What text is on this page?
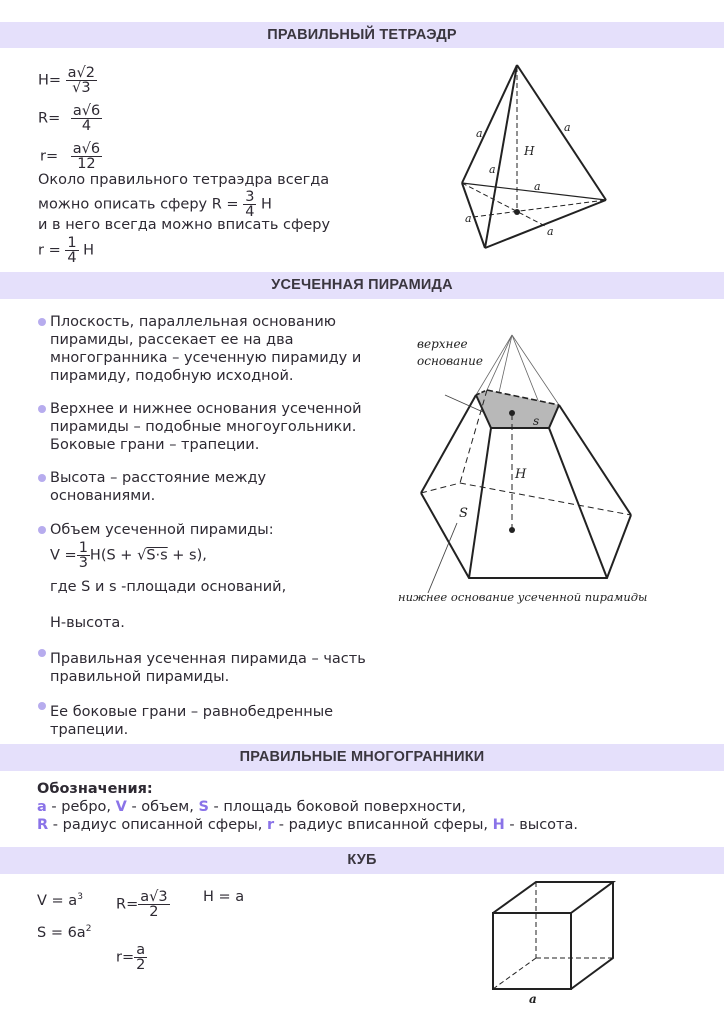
ПРАВИЛЬНЫЙ ТЕТРАЭДР
$H= \frac{a√2}{√3}$
$R= \frac{a√6}{4}$
$r= \frac{a√6}{12}$
Около правильного тетраэдра всегда
можно описать сферу $R = \frac{3}{4}$ H
и в него всегда можно вписать сферу
$r = \frac{1}{4}$ H
a	a
a
a
a
a
H
УСЕЧЕННАЯ ПИРАМИДА
Плоскость, параллельная основанию
пирамиды, рассекает ее на два
многогранника – усеченную пирамиду и
пирамиду, подобную исходной.
Верхнее и нижнее основания усеченной
пирамиды – подобные многоугольники.
Боковые грани – трапеции.
Высота – расстояние между
основаниями.
Объем усеченной пирамиды:
$V = \frac{1}{3} H(S + √S\cdot s + s)$,
где S и s -площади оснований,
Н-высота.
Правильная усеченная пирамида – часть
правильной пирамиды.
Ее боковые грани – равнобедренные
трапеции.
верхнее
основание
s
H
S
нижнее основание усеченной пирамиды
ПРАВИЛЬНЫЕ МНОГОГРАННИКИ
Обозначения:
a - ребро, V - объем, S - площадь боковой поверхности,
R - радиус описанной сферы, r - радиус вписанной сферы, H - высота.
КУБ
$V = a^3$
$S = 6a^2$
$R= \frac{a√3}{2}$ H = a
$r= \frac{a}{2}$
a
